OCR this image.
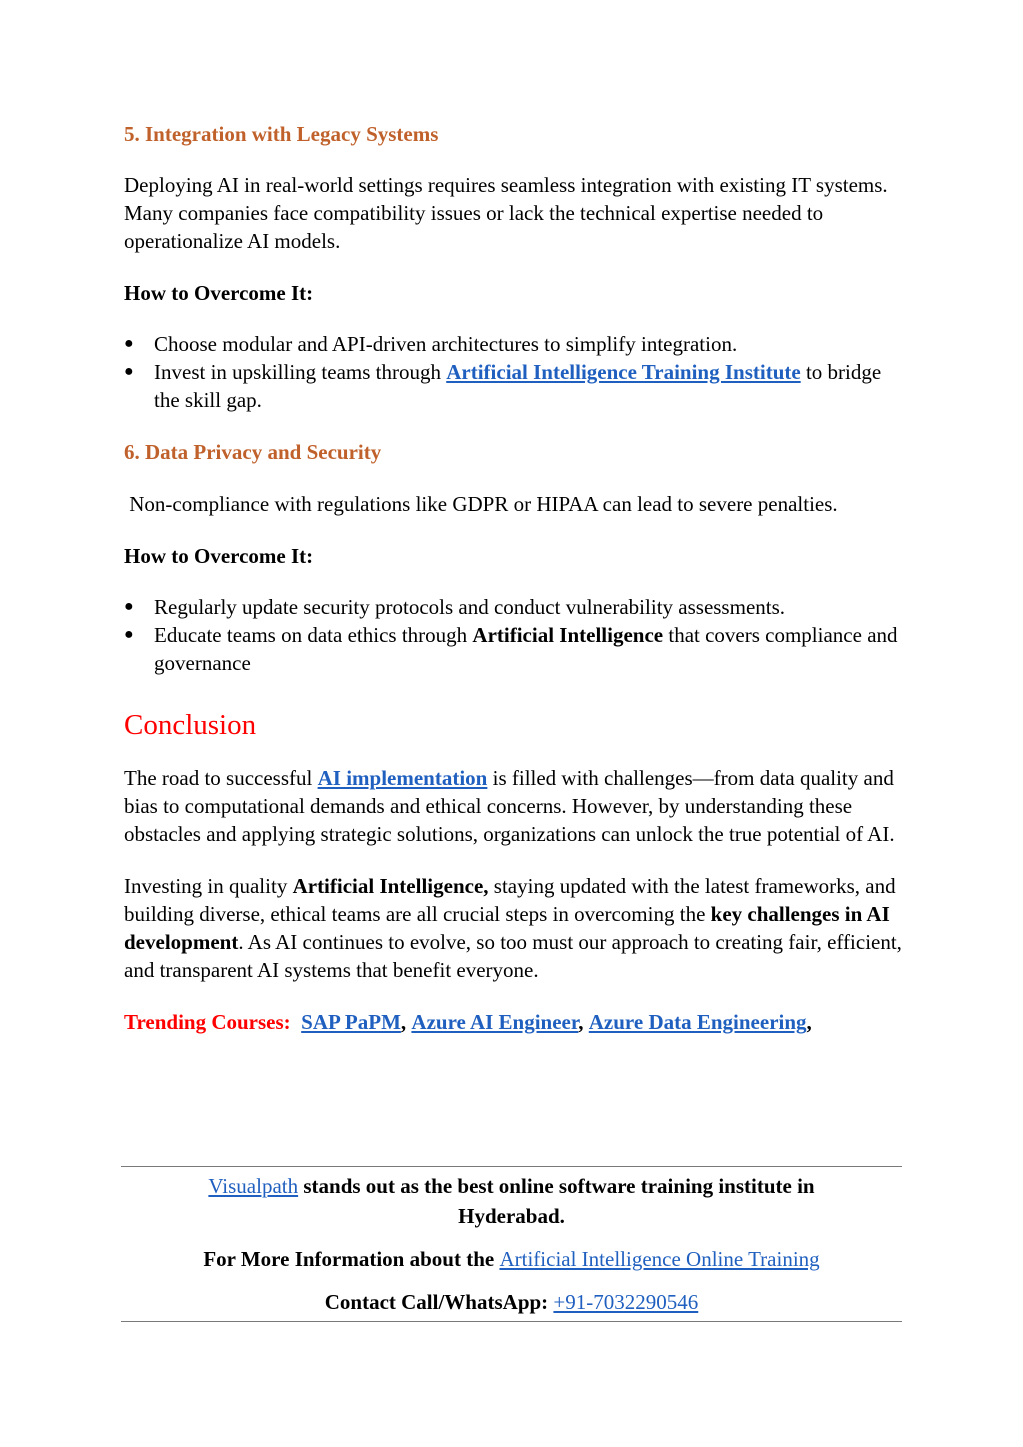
5. Integration with Legacy Systems

Deploying AI in real-world settings requires seamless integration with existing IT systems. Many companies face compatibility issues or lack the technical expertise needed to operationalize AI models.

How to Overcome It:

● Choose modular and API-driven architectures to simplify integration.
● Invest in upskilling teams through Artificial Intelligence Training Institute to bridge the skill gap.
6. Data Privacy and Security

Non-compliance with regulations like GDPR or HIPAA can lead to severe penalties.

How to Overcome It:

● Regularly update security protocols and conduct vulnerability assessments.
● Educate teams on data ethics through Artificial Intelligence that covers compliance and governance
Conclusion

The road to successful AI implementation is filled with challenges—from data quality and bias to computational demands and ethical concerns. However, by understanding these obstacles and applying strategic solutions, organizations can unlock the true potential of AI.

Investing in quality Artificial Intelligence, staying updated with the latest frameworks, and building diverse, ethical teams are all crucial steps in overcoming the key challenges in AI development. As AI continues to evolve, so too must our approach to creating fair, efficient, and transparent AI systems that benefit everyone.

Trending Courses: SAP PaPM, Azure AI Engineer, Azure Data Engineering,

Visualpath stands out as the best online software training institute in Hyderabad.

For More Information about the Artificial Intelligence Online Training

Contact Call/WhatsApp: +91-7032290546
